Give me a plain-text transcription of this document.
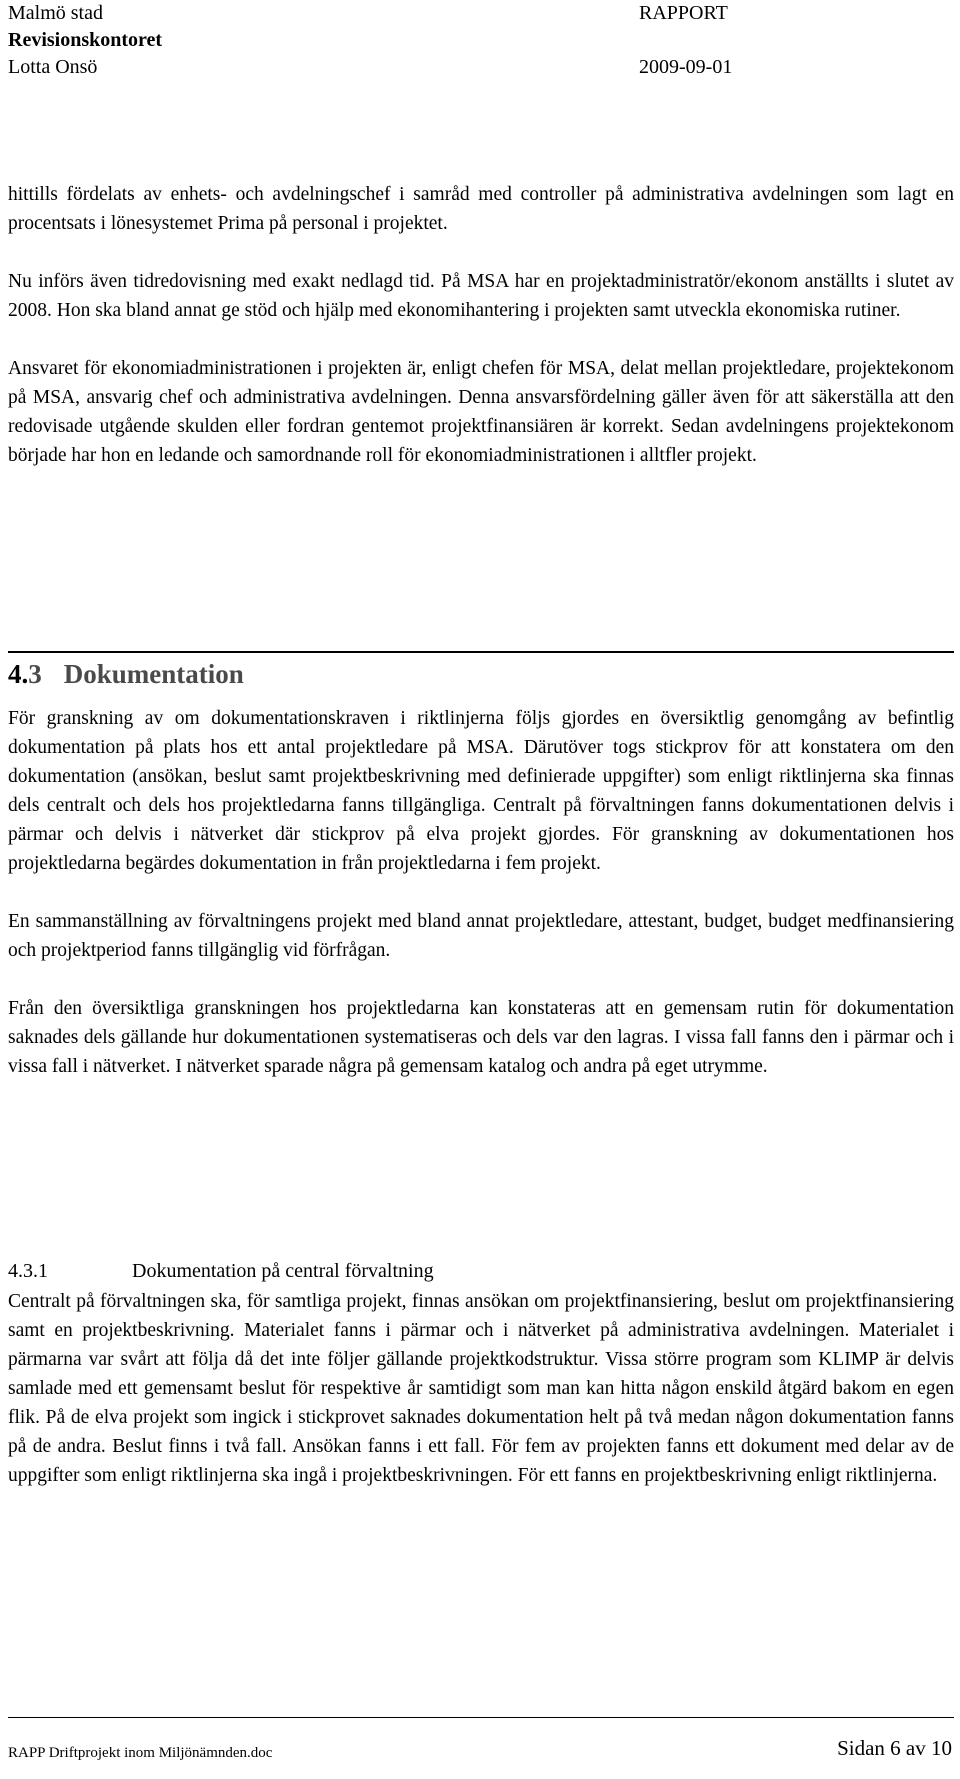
Malmö stad	RAPPORT
Revisionskontoret
Lotta Onsö	2009-09-01

hittills fördelats av enhets- och avdelningschef i samråd med controller på administrativa avdelningen som lagt en procentsats i lönesystemet Prima på personal i projektet.

Nu införs även tidredovisning med exakt nedlagd tid. På MSA har en projektadministratör/ekonom anställts i slutet av 2008. Hon ska bland annat ge stöd och hjälp med ekonomihantering i projekten samt utveckla ekonomiska rutiner.

Ansvaret för ekonomiadministrationen i projekten är, enligt chefen för MSA, delat mellan projektledare, projektekonom på MSA, ansvarig chef och administrativa avdelningen. Denna ansvarsfördelning gäller även för att säkerställa att den redovisade utgående skulden eller fordran gentemot projektfinansiären är korrekt. Sedan avdelningens projektekonom började har hon en ledande och samordnande roll för ekonomiadministrationen i alltfler projekt.

4.3 Dokumentation

För granskning av om dokumentationskraven i riktlinjerna följs gjordes en översiktlig genomgång av befintlig dokumentation på plats hos ett antal projektledare på MSA. Därutöver togs stickprov för att konstatera om den dokumentation (ansökan, beslut samt projektbeskrivning med definierade uppgifter) som enligt riktlinjerna ska finnas dels centralt och dels hos projektledarna fanns tillgängliga. Centralt på förvaltningen fanns dokumentationen delvis i pärmar och delvis i nätverket där stickprov på elva projekt gjordes. För granskning av dokumentationen hos projektledarna begärdes dokumentation in från projektledarna i fem projekt.

En sammanställning av förvaltningens projekt med bland annat projektledare, attestant, budget, budget medfinansiering och projektperiod fanns tillgänglig vid förfrågan.

Från den översiktliga granskningen hos projektledarna kan konstateras att en gemensam rutin för dokumentation saknades dels gällande hur dokumentationen systematiseras och dels var den lagras. I vissa fall fanns den i pärmar och i vissa fall i nätverket. I nätverket sparade några på gemensam katalog och andra på eget utrymme.

4.3.1	Dokumentation på central förvaltning

Centralt på förvaltningen ska, för samtliga projekt, finnas ansökan om projektfinansiering, beslut om projektfinansiering samt en projektbeskrivning. Materialet fanns i pärmar och i nätverket på administrativa avdelningen. Materialet i pärmarna var svårt att följa då det inte följer gällande projektkodstruktur. Vissa större program som KLIMP är delvis samlade med ett gemensamt beslut för respektive år samtidigt som man kan hitta någon enskild åtgärd bakom en egen flik. På de elva projekt som ingick i stickprovet saknades dokumentation helt på två medan någon dokumentation fanns på de andra. Beslut finns i två fall. Ansökan fanns i ett fall. För fem av projekten fanns ett dokument med delar av de uppgifter som enligt riktlinjerna ska ingå i projektbeskrivningen. För ett fanns en projektbeskrivning enligt riktlinjerna.

RAPP Driftprojekt inom Miljönämnden.doc	Sidan 6 av 10
